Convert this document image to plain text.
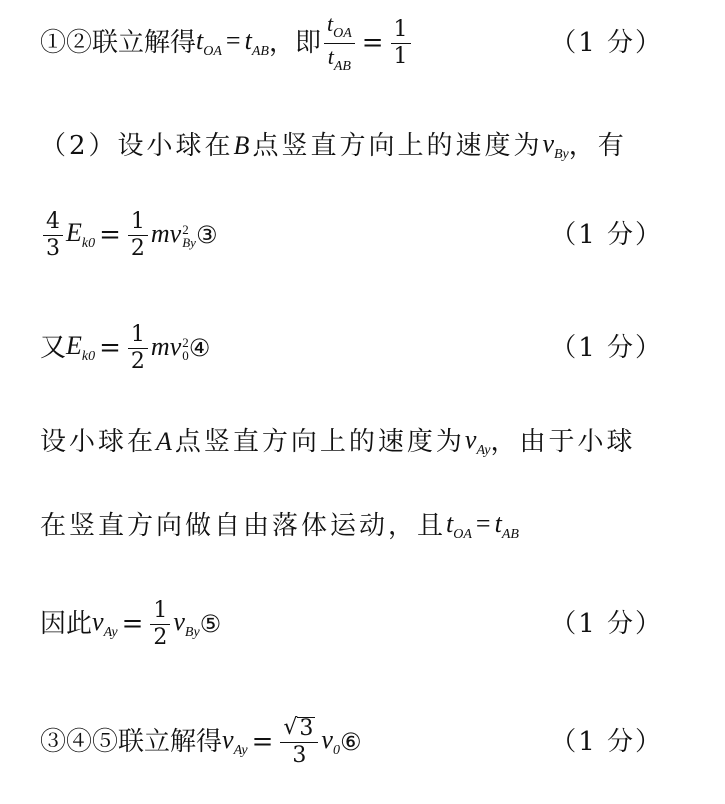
①②联立解得 $t_{OA} = t_{AB}$ ，即 $\frac{t_{OA}}{t_{AB}} = \frac{1}{1}$	（1 分）
（2）设小球在 B 点竖直方向上的速度为 $v_{By}$ ，有
$\frac{4}{3} E_{k0} = \frac{1}{2}$ mv 2
By ③	（1 分）
又 $E_{k0} = \frac{1}{2}$ mv 2
0 ④	（1 分）
设小球在 A 点竖直方向上的速度为 $v_{Ay}$ ，由于小球
在竖直方向做自由落体运动，且 $t_{OA} = t_{AB}$
因此 $v_{Ay} = \frac{1}{2} v_{By}$ ⑤	（1 分）
③④⑤联立解得 $v_{Ay} = \frac{√ 3}{3} v_0$ ⑥	（1 分）
